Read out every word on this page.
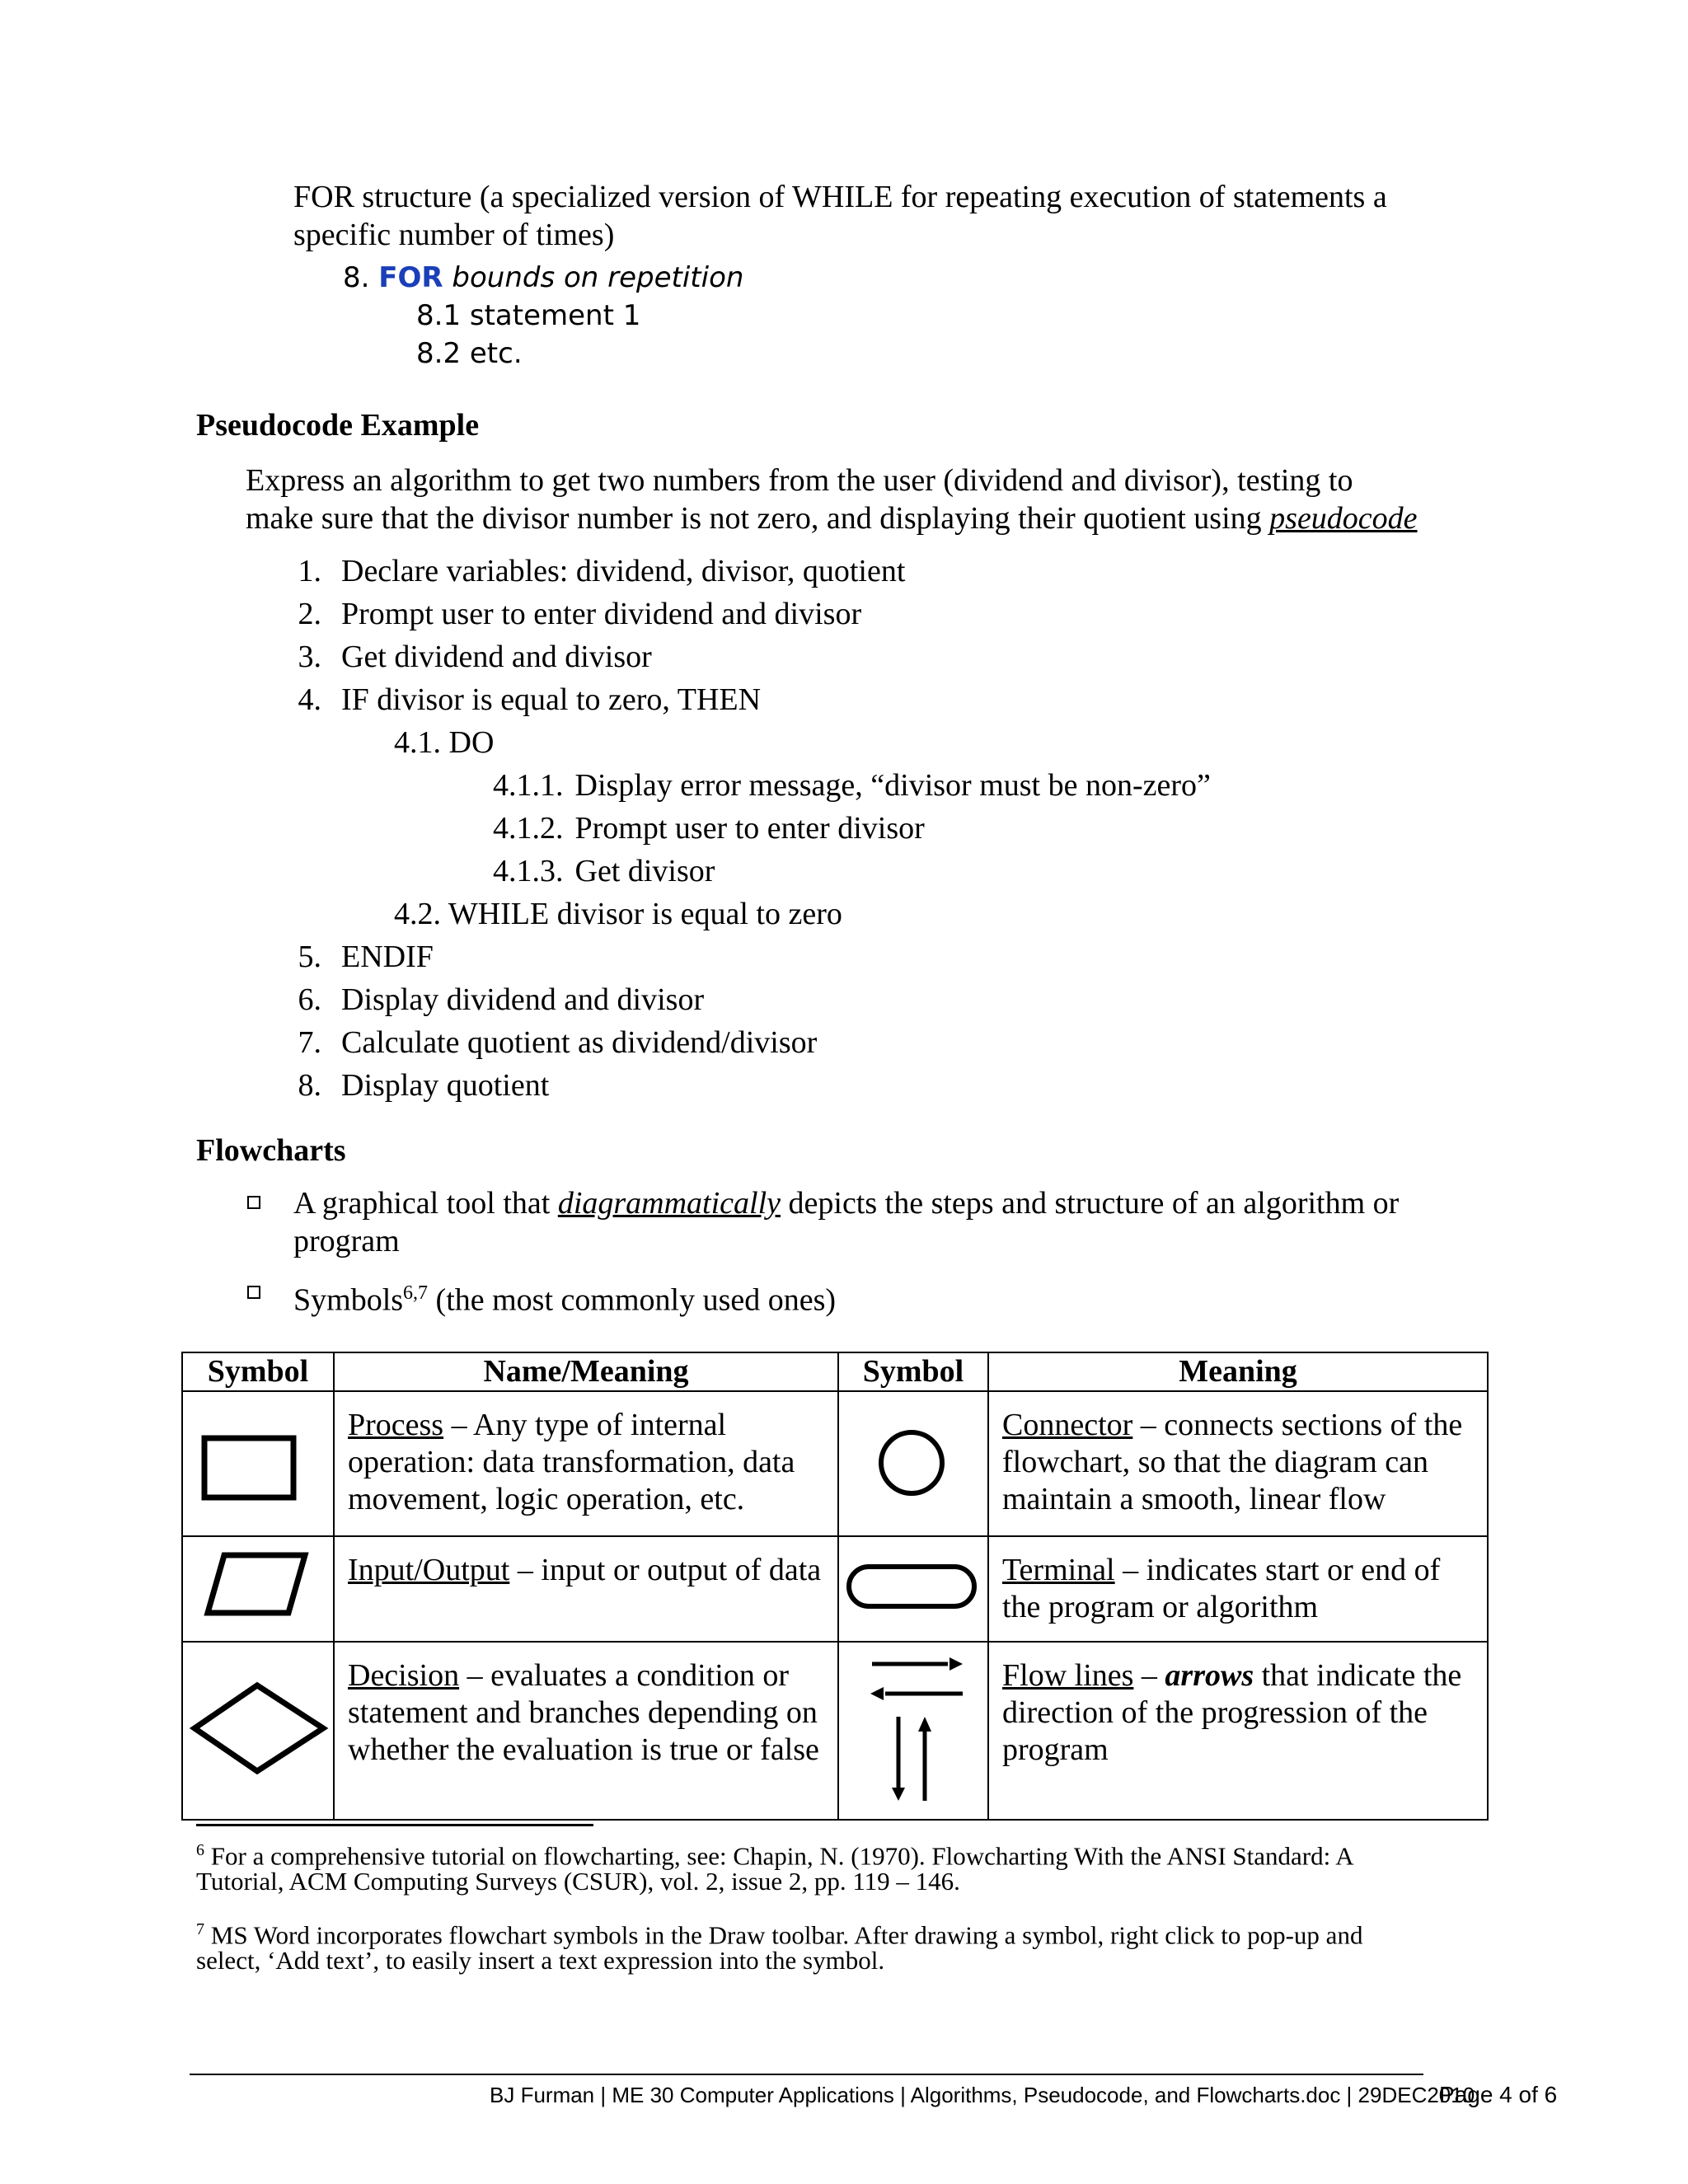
FOR structure (a specialized version of WHILE for repeating execution of statements a
specific number of times)
8. FOR bounds on repetition
8.1 statement 1
8.2 etc.
Pseudocode Example
Express an algorithm to get two numbers from the user (dividend and divisor), testing to
make sure that the divisor number is not zero, and displaying their quotient using pseudocode
1. Declare variables: dividend, divisor, quotient
2. Prompt user to enter dividend and divisor
3. Get dividend and divisor
4. IF divisor is equal to zero, THEN
4.1. DO
4.1.1. Display error message, “divisor must be non-zero”
4.1.2. Prompt user to enter divisor
4.1.3. Get divisor
4.2. WHILE divisor is equal to zero
5. ENDIF
6. Display dividend and divisor
7. Calculate quotient as dividend/divisor
8. Display quotient
Flowcharts
A graphical tool that diagrammatically depicts the steps and structure of an algorithm or
program
Symbols$^{6,7}$ (the most commonly used ones)
Symbol	Name/Meaning	Symbol	Meaning
	Process – Any type of internal operation: data transformation, data movement, logic operation, etc.		Connector – connects sections of the flowchart, so that the diagram can maintain a smooth, linear flow
	Input/Output – input or output of data		Terminal – indicates start or end of the program or algorithm
	Decision – evaluates a condition or statement and branches depending on whether the evaluation is true or false		Flow lines – arrows that indicate the direction of the progression of the program
$^6$ For a comprehensive tutorial on flowcharting, see: Chapin, N. (1970). Flowcharting With the ANSI Standard: A
Tutorial, ACM Computing Surveys (CSUR), vol. 2, issue 2, pp. 119 – 146.
$^7$ MS Word incorporates flowchart symbols in the Draw toolbar. After drawing a symbol, right click to pop-up and
select, ‘Add text’, to easily insert a text expression into the symbol.
BJ Furman | ME 30 Computer Applications | Algorithms, Pseudocode, and Flowcharts.doc | 29DEC2010
Page 4 of 6
